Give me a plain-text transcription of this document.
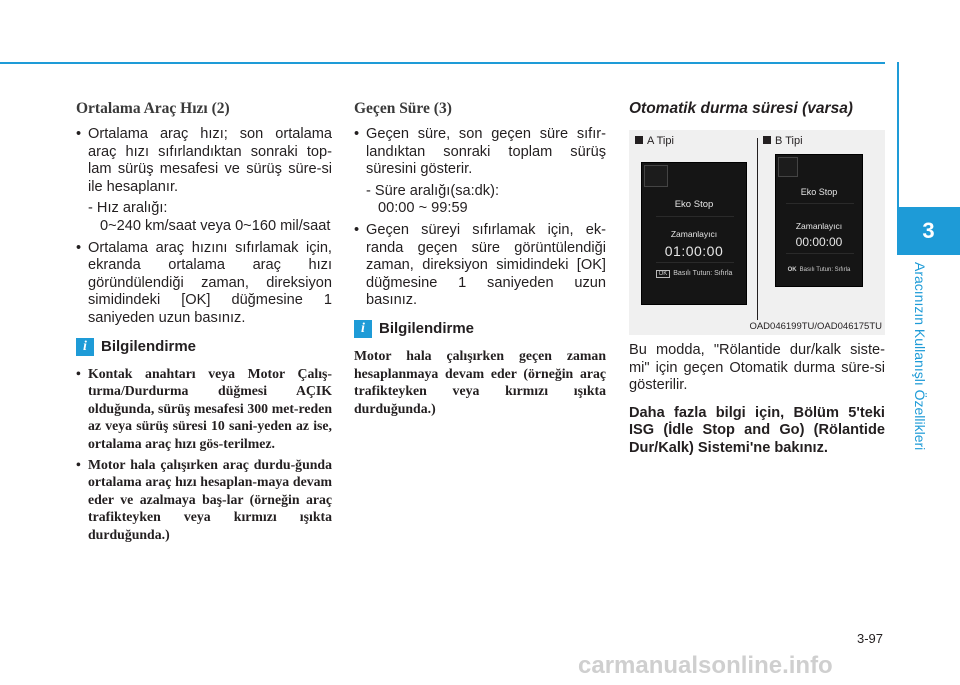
3
Aracınızın Kullanışlı Özellikleri
Ortalama Araç Hızı (2)
• Ortalama araç hızı; son ortalama araç hızı sıfırlandıktan sonraki top-lam sürüş mesafesi ve sürüş süre-si ile hesaplanır.
- Hız aralığı:
0~240 km/saat veya 0~160 mil/saat
• Ortalama araç hızını sıfırlamak için, ekranda ortalama araç hızı göründülendiği zaman, direksiyon simidindeki [OK] düğmesine 1 saniyeden uzun basınız.
i Bilgilendirme
• Kontak anahtarı veya Motor Çalış-tırma/Durdurma düğmesi AÇIK olduğunda, sürüş mesafesi 300 met-reden az veya sürüş süresi 10 sani-yeden az ise, ortalama araç hızı gös-terilmez.
• Motor hala çalışırken araç durdu-ğunda ortalama araç hızı hesaplan-maya devam eder ve azalmaya baş-lar (örneğin araç trafikteyken veya kırmızı ışıkta durduğunda.)
Geçen Süre (3)
• Geçen süre, son geçen süre sıfır-landıktan sonraki toplam sürüş süresini gösterir.
- Süre aralığı(sa:dk):
00:00 ~ 99:59
• Geçen süreyi sıfırlamak için, ek-randa geçen süre görüntülendiği zaman, direksiyon simidindeki [OK] düğmesine 1 saniyeden uzun basınız.
i Bilgilendirme
Motor hala çalışırken geçen zaman hesaplanmaya devam eder (örneğin araç trafikteyken veya kırmızı ışıkta durduğunda.)
Otomatik durma süresi (varsa)
A Tipi	B Tipi
Eko Stop
Zamanlayıcı
01:00:00
OK Basılı Tutun: Sıfırla
Eko Stop
Zamanlayıcı
00:00:00
OK Basılı Tutun: Sıfırla
OAD046199TU/OAD046175TU
Bu modda, "Rölantide dur/kalk siste-mi" için geçen Otomatik durma süre-si gösterilir.
Daha fazla bilgi için, Bölüm 5'teki ISG (İdle Stop and Go) (Rölantide Dur/Kalk) Sistemi'ne bakınız.
3-97
carmanualsonline.info
